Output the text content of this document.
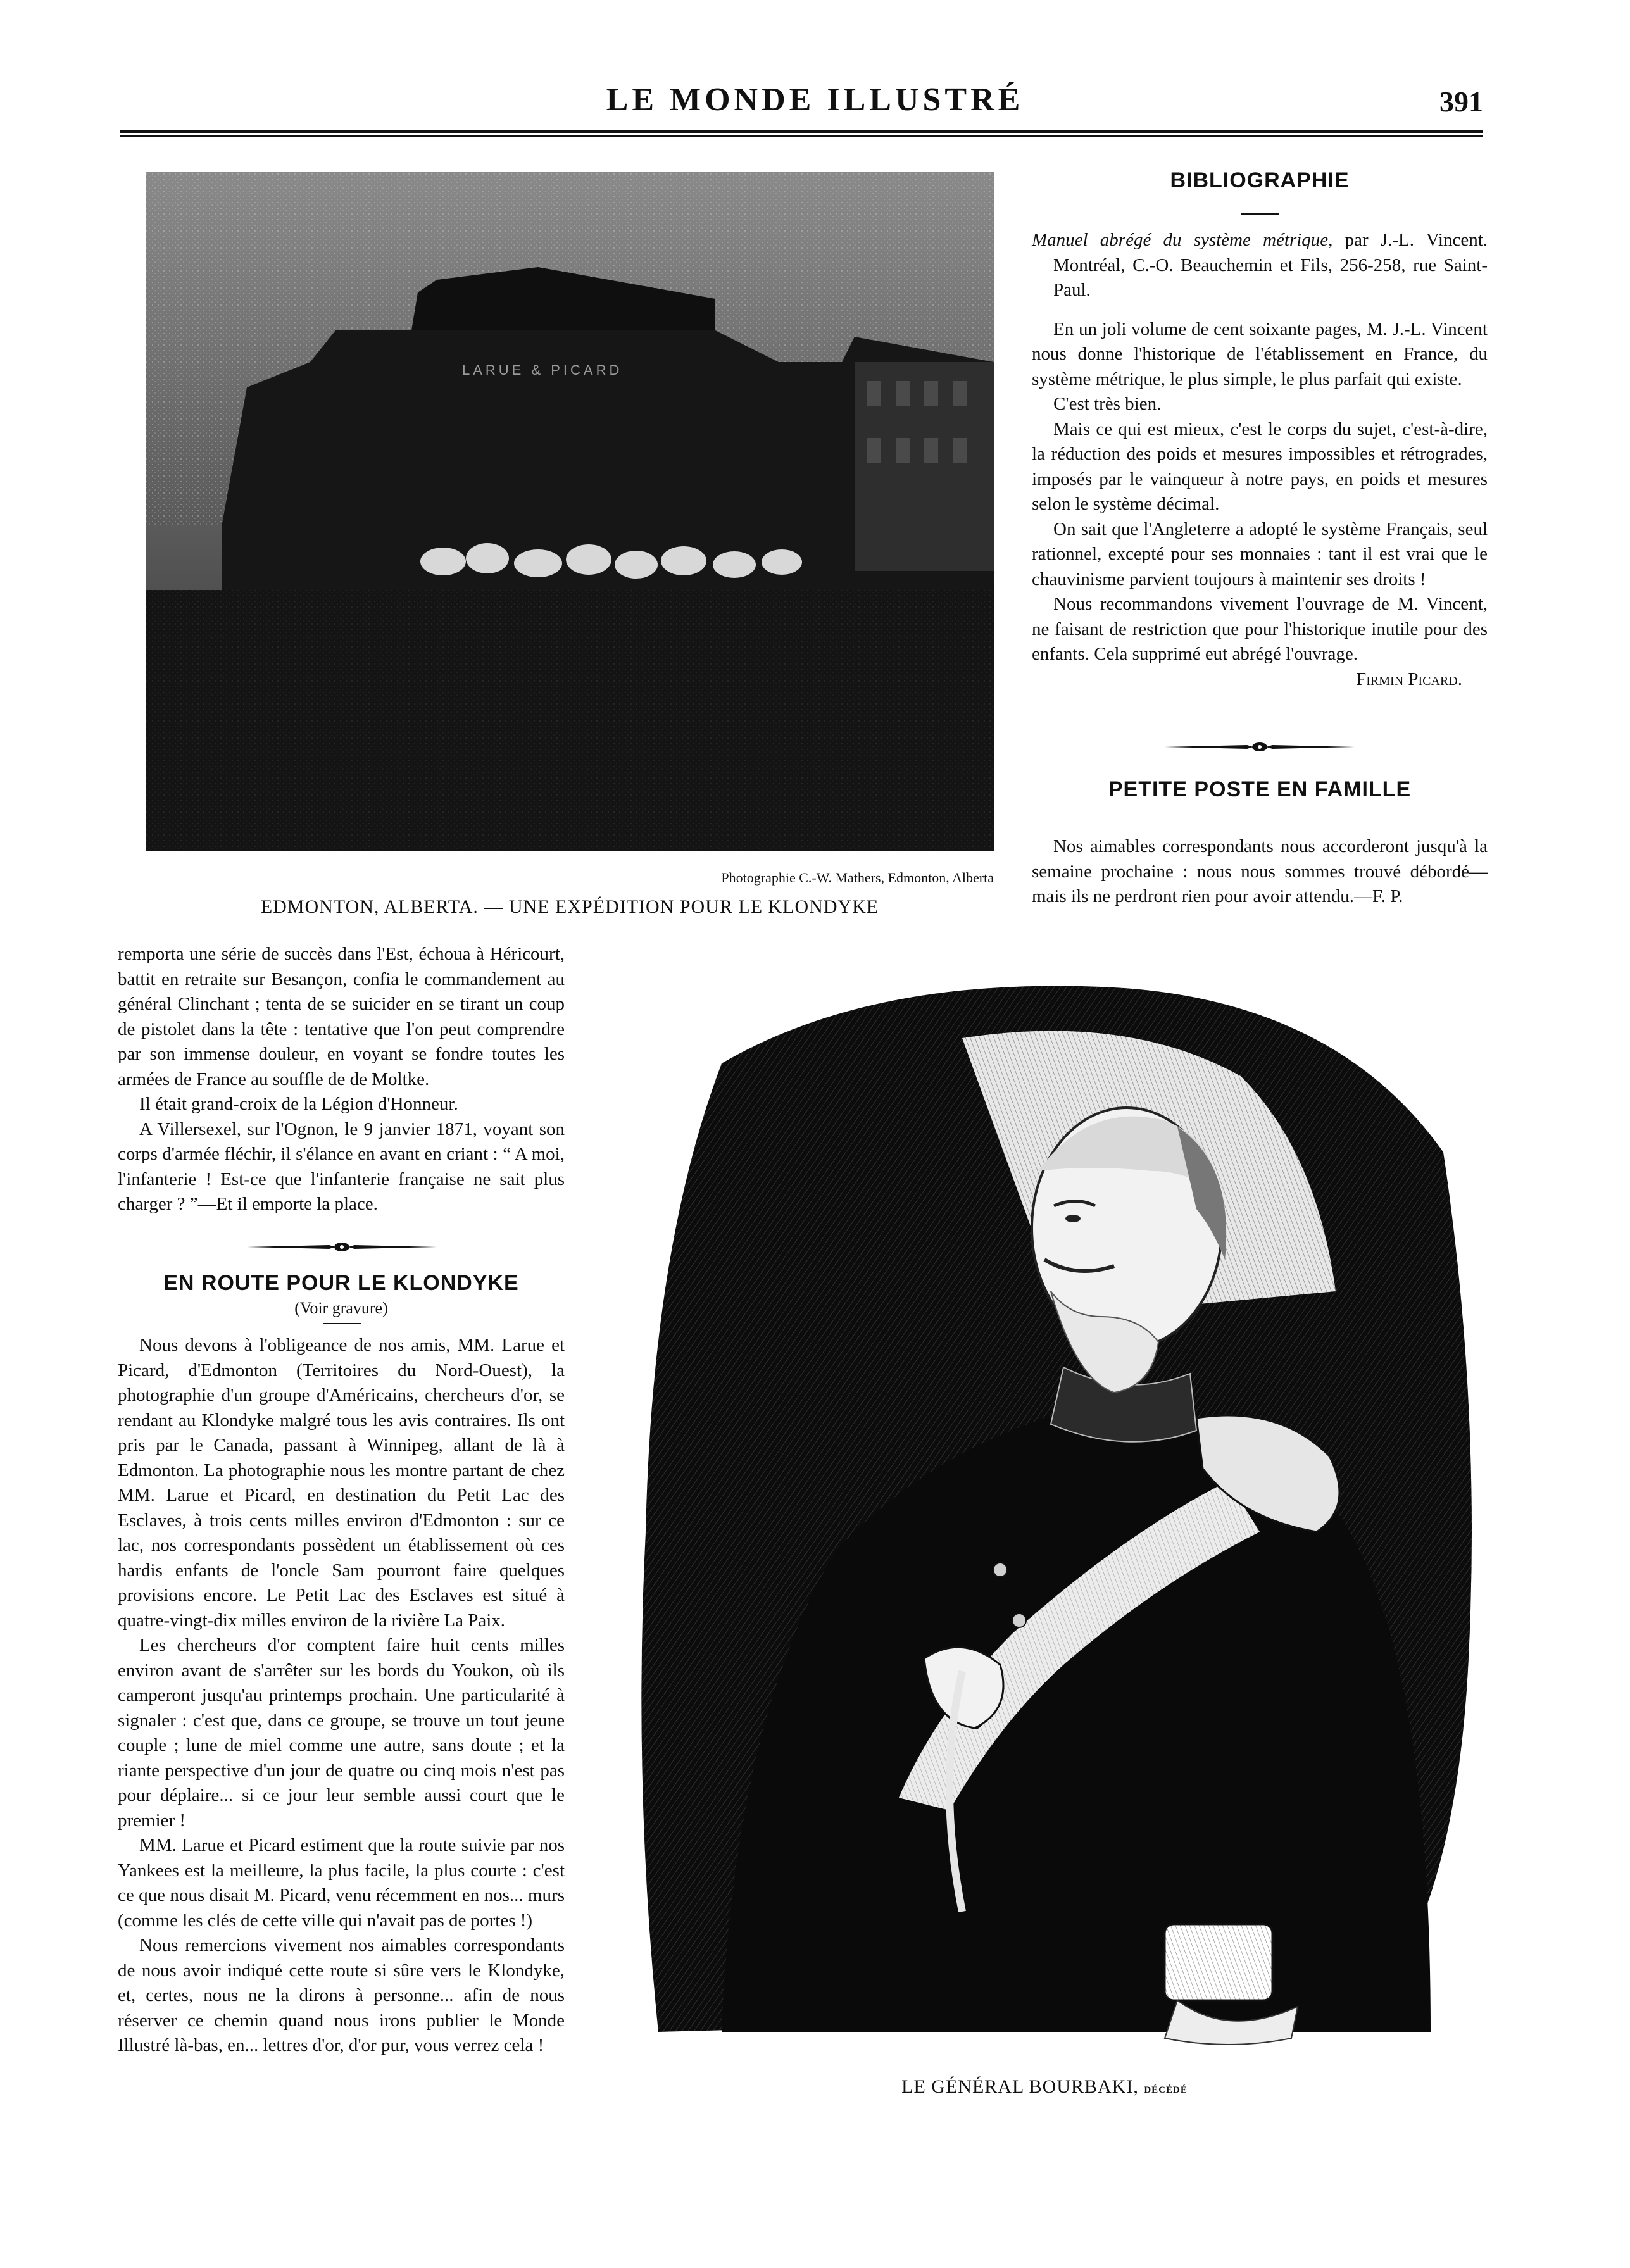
LE MONDE ILLUSTRÉ	391
LARUE & PICARD
Photographie C.-W. Mathers, Edmonton, Alberta
EDMONTON, ALBERTA. — UNE EXPÉDITION POUR LE KLONDYKE
BIBLIOGRAPHIE

Manuel abrégé du système métrique, par J.-L. Vincent. Montréal, C.-O. Beauchemin et Fils, 256-258, rue Saint-Paul.

En un joli volume de cent soixante pages, M. J.-L. Vincent nous donne l'historique de l'établissement en France, du système métrique, le plus simple, le plus parfait qui existe.

C'est très bien.

Mais ce qui est mieux, c'est le corps du sujet, c'est-à-dire, la réduction des poids et mesures impossibles et rétrogrades, imposés par le vainqueur à notre pays, en poids et mesures selon le système décimal.

On sait que l'Angleterre a adopté le système Français, seul rationnel, excepté pour ses monnaies : tant il est vrai que le chauvinisme parvient toujours à maintenir ses droits !

Nous recommandons vivement l'ouvrage de M. Vincent, ne faisant de restriction que pour l'historique inutile pour des enfants. Cela supprimé eut abrégé l'ouvrage.

Firmin Picard.
PETITE POSTE EN FAMILLE

Nos aimables correspondants nous accorderont jusqu'à la semaine prochaine : nous nous sommes trouvé débordé—mais ils ne perdront rien pour avoir attendu.—F. P.

remporta une série de succès dans l'Est, échoua à Héricourt, battit en retraite sur Besançon, confia le commandement au général Clinchant ; tenta de se suicider en se tirant un coup de pistolet dans la tête : tentative que l'on peut comprendre par son immense douleur, en voyant se fondre toutes les armées de France au souffle de de Moltke.

Il était grand-croix de la Légion d'Honneur.

A Villersexel, sur l'Ognon, le 9 janvier 1871, voyant son corps d'armée fléchir, il s'élance en avant en criant : “ A moi, l'infanterie ! Est-ce que l'infanterie française ne sait plus charger ? ”—Et il emporte la place.

EN ROUTE POUR LE KLONDYKE
(Voir gravure)

Nous devons à l'obligeance de nos amis, MM. Larue et Picard, d'Edmonton (Territoires du Nord-Ouest), la photographie d'un groupe d'Américains, chercheurs d'or, se rendant au Klondyke malgré tous les avis contraires. Ils ont pris par le Canada, passant à Winnipeg, allant de là à Edmonton. La photographie nous les montre partant de chez MM. Larue et Picard, en destination du Petit Lac des Esclaves, à trois cents milles environ d'Edmonton : sur ce lac, nos correspondants possèdent un établissement où ces hardis enfants de l'oncle Sam pourront faire quelques provisions encore. Le Petit Lac des Esclaves est situé à quatre-vingt-dix milles environ de la rivière La Paix.

Les chercheurs d'or comptent faire huit cents milles environ avant de s'arrêter sur les bords du Youkon, où ils camperont jusqu'au printemps prochain. Une particularité à signaler : c'est que, dans ce groupe, se trouve un tout jeune couple ; lune de miel comme une autre, sans doute ; et la riante perspective d'un jour de quatre ou cinq mois n'est pas pour déplaire... si ce jour leur semble aussi court que le premier !

MM. Larue et Picard estiment que la route suivie par nos Yankees est la meilleure, la plus facile, la plus courte : c'est ce que nous disait M. Picard, venu récemment en nos... murs (comme les clés de cette ville qui n'avait pas de portes !)

Nous remercions vivement nos aimables correspondants de nous avoir indiqué cette route si sûre vers le Klondyke, et, certes, nous ne la dirons à personne... afin de nous réserver ce chemin quand nous irons publier le Monde Illustré là-bas, en... lettres d'or, d'or pur, vous verrez cela !

LE GÉNÉRAL BOURBAKI, décédé
